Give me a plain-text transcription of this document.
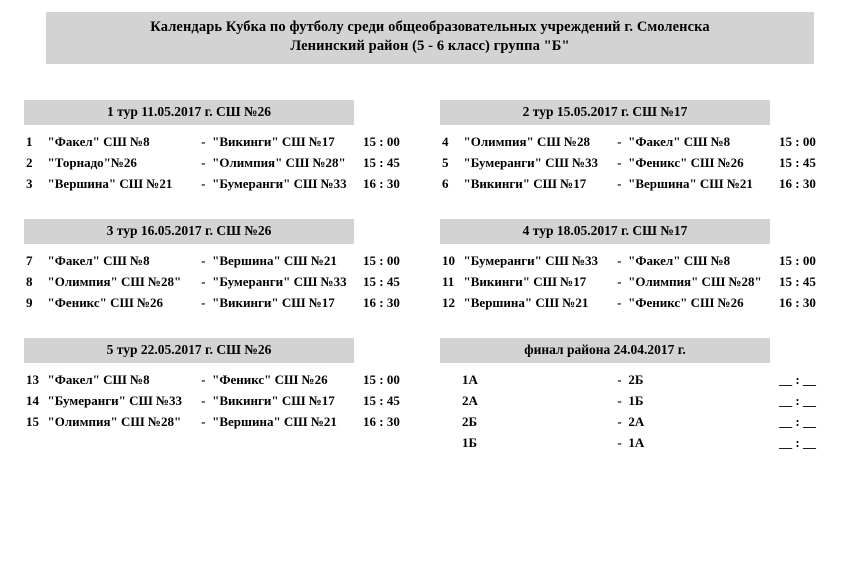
Календарь Кубка по футболу среди общеобразовательных учреждений г. Смоленска
Ленинский район (5 - 6 класс) группа "Б"
1 тур 11.05.2017 г. СШ №26
1	"Факел" СШ №8	- "Викинги" СШ №17	15 : 00
2	"Торнадо"№26	- "Олимпия" СШ №28"	15 : 45
3	"Вершина" СШ №21	- "Бумеранги" СШ №33	16 : 30
3 тур 16.05.2017 г. СШ №26
7	"Факел" СШ №8	- "Вершина" СШ №21	15 : 00
8	"Олимпия" СШ №28"	- "Бумеранги" СШ №33	15 : 45
9	"Феникс" СШ №26	- "Викинги" СШ №17	16 : 30
5 тур 22.05.2017 г. СШ №26
13 "Факел" СШ №8	- "Феникс" СШ №26	15 : 00
14 "Бумеранги" СШ №33	- "Викинги" СШ №17	15 : 45
15 "Олимпия" СШ №28"	- "Вершина" СШ №21	16 : 30
2 тур 15.05.2017 г. СШ №17
4	"Олимпия" СШ №28	- "Факел" СШ №8	15 : 00
5	"Бумеранги" СШ №33	- "Феникс" СШ №26	15 : 45
6	"Викинги" СШ №17	- "Вершина" СШ №21	16 : 30
4 тур 18.05.2017 г. СШ №17
10 "Бумеранги" СШ №33	- "Факел" СШ №8	15 : 00
11 "Викинги" СШ №17	- "Олимпия" СШ №28"	15 : 45
12 "Вершина" СШ №21	- "Феникс" СШ №26	16 : 30
финал района 24.04.2017 г.
1А	- 2Б	__ : __
2А	- 1Б	__ : __
2Б	- 2А	__ : __
1Б	- 1А	__ : __
